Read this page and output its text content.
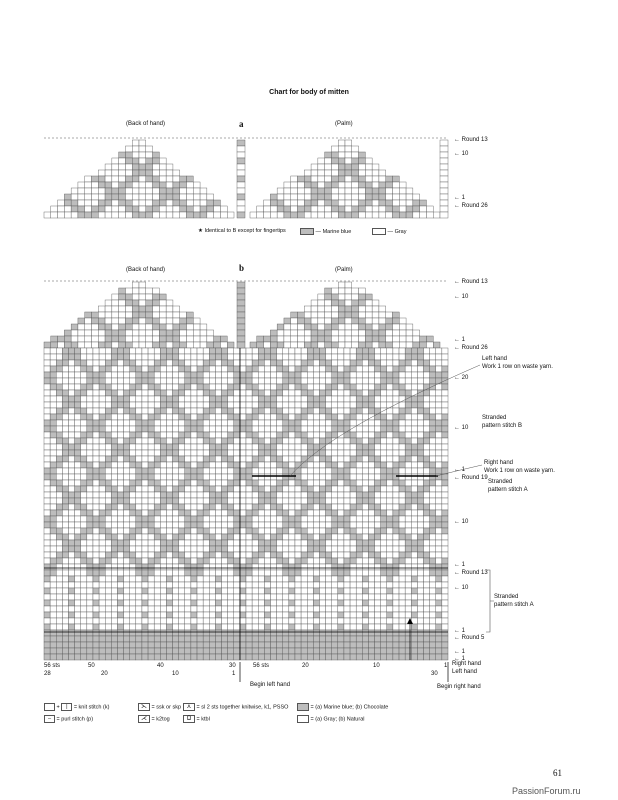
Chart for body of mitten
(Back of hand)	a	(Palm)
← Round 13
← 10
← 1
← Round 26
★ Identical to B except for fingertips	— Marine blue	— Gray
(Back of hand)	b	(Palm)
← Round 13
← 10
← 1
← Round 26
← 20
← 10
← 1
← Round 19
← 10
← 1
← Round 13
← 10
← 1
← Round 5
← 1
← 1
Left hand
Work 1 row on waste yarn.
Stranded
pattern stitch B
Right hand
Work 1 row on waste yarn.
Stranded
pattern stitch A
Stranded
pattern stitch A
Right hand
Left hand
56 sts
28
50
20
40
10
30
1
56 sts	20	10	1
30
Begin left hand	Begin right hand
+ | = knit stitch (k)	⋋ = ssk or skp ⋏ = sl 2 sts together knitwise, k1, PSSO	= (a) Marine blue; (b) Chocolate
– = purl stitch (p)	⋌ = k2tog	Ω = ktbl	= (a) Gray; (b) Natural
61
PassionForum.ru
